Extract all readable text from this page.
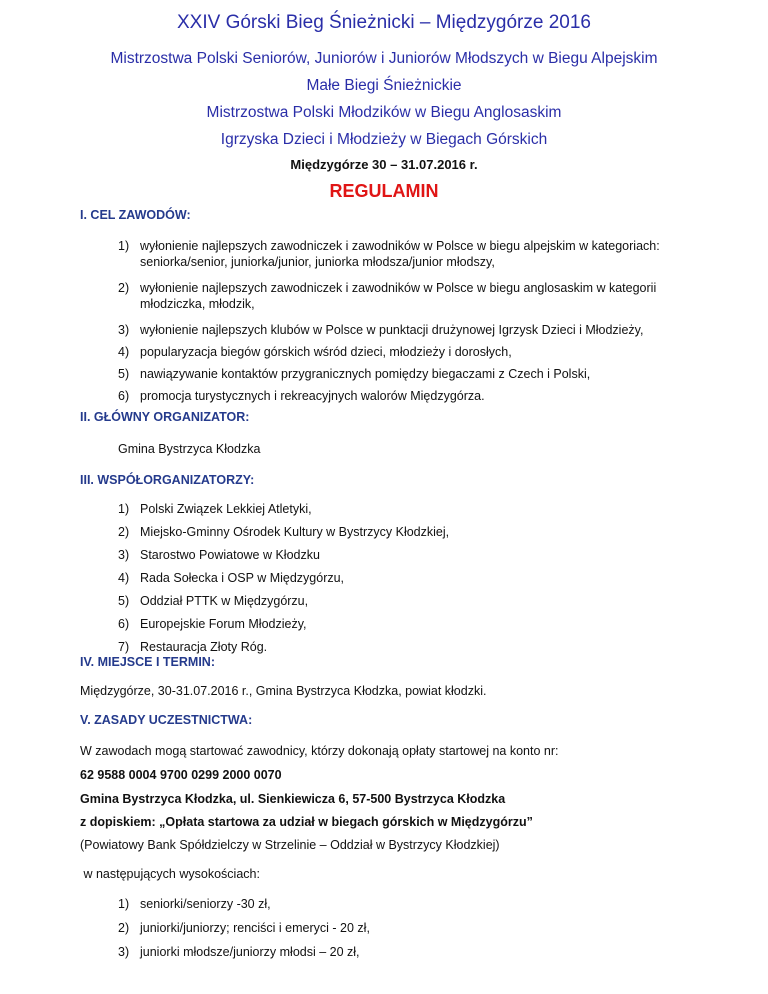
XXIV Górski Bieg Śnieżnicki – Międzygórze 2016
Mistrzostwa Polski Seniorów, Juniorów i Juniorów Młodszych w Biegu Alpejskim
Małe Biegi Śnieżnickie
Mistrzostwa Polski Młodzików w Biegu Anglosaskim
Igrzyska Dzieci i Młodzieży w Biegach Górskich
Międzygórze 30 – 31.07.2016 r.
REGULAMIN
I. CEL ZAWODÓW:
1) wyłonienie najlepszych zawodniczek i zawodników w Polsce w biegu alpejskim w kategoriach: seniorka/senior, juniorka/junior, juniorka młodsza/junior młodszy,
2) wyłonienie najlepszych zawodniczek i zawodników w Polsce w biegu anglosaskim w kategorii młodziczka, młodzik,
3) wyłonienie najlepszych klubów w Polsce w punktacji drużynowej Igrzysk Dzieci i Młodzieży,
4) popularyzacja biegów górskich wśród dzieci, młodzieży i dorosłych,
5) nawiązywanie kontaktów przygranicznych pomiędzy biegaczami z Czech i Polski,
6) promocja turystycznych i rekreacyjnych walorów Międzygórza.
II. GŁÓWNY ORGANIZATOR:
Gmina Bystrzyca Kłodzka
III. WSPÓŁORGANIZATORZY:
1) Polski Związek Lekkiej Atletyki,
2) Miejsko-Gminny Ośrodek Kultury w Bystrzycy Kłodzkiej,
3) Starostwo Powiatowe w Kłodzku
4) Rada Sołecka i OSP w Międzygórzu,
5) Oddział PTTK w Międzygórzu,
6) Europejskie Forum Młodzieży,
7) Restauracja Złoty Róg.
IV. MIEJSCE I TERMIN:
Międzygórze, 30-31.07.2016 r., Gmina Bystrzyca Kłodzka, powiat kłodzki.
V. ZASADY UCZESTNICTWA:
W zawodach mogą startować zawodnicy, którzy dokonają opłaty startowej na konto nr:
62 9588 0004 9700 0299 2000 0070
Gmina Bystrzyca Kłodzka, ul. Sienkiewicza 6, 57-500 Bystrzyca Kłodzka
z dopiskiem: „Opłata startowa za udział w biegach górskich w Międzygórzu”
(Powiatowy Bank Spółdzielczy w Strzelinie – Oddział w Bystrzycy Kłodzkiej)
w następujących wysokościach:
1) seniorki/seniorzy -30 zł,
2) juniorki/juniorzy; renciści i emeryci - 20 zł,
3) juniorki młodsze/juniorzy młodsi – 20 zł,
